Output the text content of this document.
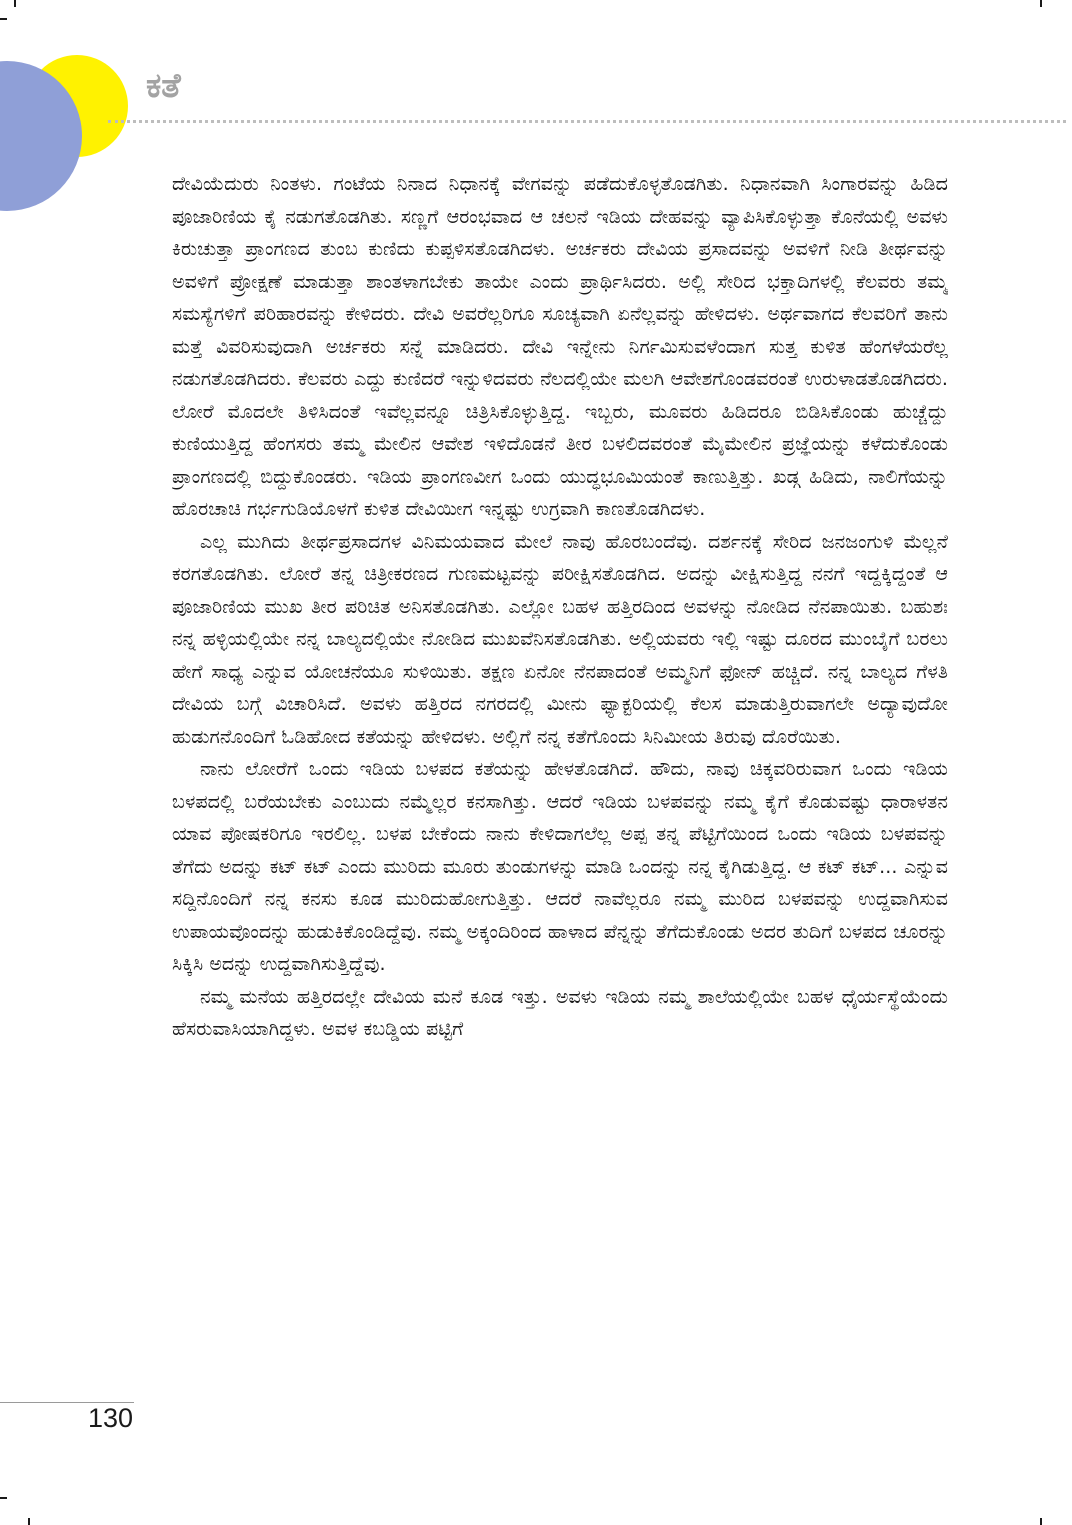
ಕತೆ

ದೇವಿಯೆದುರು ನಿಂತಳು. ಗಂಟೆಯ ನಿನಾದ ನಿಧಾನಕ್ಕೆ ವೇಗವನ್ನು ಪಡೆದುಕೊಳ್ಳತೊಡಗಿತು. ನಿಧಾನವಾಗಿ ಸಿಂಗಾರವನ್ನು ಹಿಡಿದ ಪೂಜಾರಿಣಿಯ ಕೈ ನಡುಗತೊಡಗಿತು. ಸಣ್ಣಗೆ ಆರಂಭವಾದ ಆ ಚಲನೆ ಇಡಿಯ ದೇಹವನ್ನು ವ್ಯಾಪಿಸಿಕೊಳ್ಳುತ್ತಾ ಕೊನೆಯಲ್ಲಿ ಅವಳು ಕಿರುಚುತ್ತಾ ಪ್ರಾಂಗಣದ ತುಂಬ ಕುಣಿದು ಕುಪ್ಪಳಿಸತೊಡಗಿದಳು. ಅರ್ಚಕರು ದೇವಿಯ ಪ್ರಸಾದವನ್ನು ಅವಳಿಗೆ ನೀಡಿ ತೀರ್ಥವನ್ನು ಅವಳಿಗೆ ಪ್ರೋಕ್ಷಣೆ ಮಾಡುತ್ತಾ ಶಾಂತಳಾಗಬೇಕು ತಾಯೇ ಎಂದು ಪ್ರಾರ್ಥಿಸಿದರು. ಅಲ್ಲಿ ಸೇರಿದ ಭಕ್ತಾದಿಗಳಲ್ಲಿ ಕೆಲವರು ತಮ್ಮ ಸಮಸ್ಯೆಗಳಿಗೆ ಪರಿಹಾರವನ್ನು ಕೇಳಿದರು. ದೇವಿ ಅವರೆಲ್ಲರಿಗೂ ಸೂಚ್ಯವಾಗಿ ಏನೆಲ್ಲವನ್ನು ಹೇಳಿದಳು. ಅರ್ಥವಾಗದ ಕೆಲವರಿಗೆ ತಾನು ಮತ್ತೆ ವಿವರಿಸುವುದಾಗಿ ಅರ್ಚಕರು ಸನ್ನೆ ಮಾಡಿದರು. ದೇವಿ ಇನ್ನೇನು ನಿರ್ಗಮಿಸುವಳೆಂದಾಗ ಸುತ್ತ ಕುಳಿತ ಹೆಂಗಳೆಯರೆಲ್ಲ ನಡುಗತೊಡಗಿದರು. ಕೆಲವರು ಎದ್ದು ಕುಣಿದರೆ ಇನ್ನುಳಿದವರು ನೆಲದಲ್ಲಿಯೇ ಮಲಗಿ ಆವೇಶಗೊಂಡವರಂತೆ ಉರುಳಾಡತೊಡಗಿದರು. ಲೋರೆ ಮೊದಲೇ ತಿಳಿಸಿದಂತೆ ಇವೆಲ್ಲವನ್ನೂ ಚಿತ್ರಿಸಿಕೊಳ್ಳುತ್ತಿದ್ದ. ಇಬ್ಬರು, ಮೂವರು ಹಿಡಿದರೂ ಬಿಡಿಸಿಕೊಂಡು ಹುಚ್ಚೆದ್ದು ಕುಣಿಯುತ್ತಿದ್ದ ಹೆಂಗಸರು ತಮ್ಮ ಮೇಲಿನ ಆವೇಶ ಇಳಿದೊಡನೆ ತೀರ ಬಳಲಿದವರಂತೆ ಮೈಮೇಲಿನ ಪ್ರಜ್ಞೆಯನ್ನು ಕಳೆದುಕೊಂಡು ಪ್ರಾಂಗಣದಲ್ಲಿ ಬಿದ್ದುಕೊಂಡರು. ಇಡಿಯ ಪ್ರಾಂಗಣವೀಗ ಒಂದು ಯುದ್ಧಭೂಮಿಯಂತೆ ಕಾಣುತ್ತಿತ್ತು. ಖಡ್ಗ ಹಿಡಿದು, ನಾಲಿಗೆಯನ್ನು ಹೊರಚಾಚಿ ಗರ್ಭಗುಡಿಯೊಳಗೆ ಕುಳಿತ ದೇವಿಯೀಗ ಇನ್ನಷ್ಟು ಉಗ್ರವಾಗಿ ಕಾಣತೊಡಗಿದಳು.

ಎಲ್ಲ ಮುಗಿದು ತೀರ್ಥಪ್ರಸಾದಗಳ ವಿನಿಮಯವಾದ ಮೇಲೆ ನಾವು ಹೊರಬಂದೆವು. ದರ್ಶನಕ್ಕೆ ಸೇರಿದ ಜನಜಂಗುಳಿ ಮೆಲ್ಲನೆ ಕರಗತೊಡಗಿತು. ಲೋರೆ ತನ್ನ ಚಿತ್ರೀಕರಣದ ಗುಣಮಟ್ಟವನ್ನು ಪರೀಕ್ಷಿಸತೊಡಗಿದ. ಅದನ್ನು ವೀಕ್ಷಿಸುತ್ತಿದ್ದ ನನಗೆ ಇದ್ದಕ್ಕಿದ್ದಂತೆ ಆ ಪೂಜಾರಿಣಿಯ ಮುಖ ತೀರ ಪರಿಚಿತ ಅನಿಸತೊಡಗಿತು. ಎಲ್ಲೋ ಬಹಳ ಹತ್ತಿರದಿಂದ ಅವಳನ್ನು ನೋಡಿದ ನೆನಪಾಯಿತು. ಬಹುಶಃ ನನ್ನ ಹಳ್ಳಿಯಲ್ಲಿಯೇ ನನ್ನ ಬಾಲ್ಯದಲ್ಲಿಯೇ ನೋಡಿದ ಮುಖವೆನಿಸತೊಡಗಿತು. ಅಲ್ಲಿಯವರು ಇಲ್ಲಿ ಇಷ್ಟು ದೂರದ ಮುಂಬೈಗೆ ಬರಲು ಹೇಗೆ ಸಾಧ್ಯ ಎನ್ನುವ ಯೋಚನೆಯೂ ಸುಳಿಯಿತು. ತಕ್ಷಣ ಏನೋ ನೆನಪಾದಂತೆ ಅಮ್ಮನಿಗೆ ಫೋನ್ ಹಚ್ಚಿದೆ. ನನ್ನ ಬಾಲ್ಯದ ಗೆಳತಿ ದೇವಿಯ ಬಗ್ಗೆ ವಿಚಾರಿಸಿದೆ. ಅವಳು ಹತ್ತಿರದ ನಗರದಲ್ಲಿ ಮೀನು ಫ್ಯಾಕ್ಟರಿಯಲ್ಲಿ ಕೆಲಸ ಮಾಡುತ್ತಿರುವಾಗಲೇ ಅದ್ಯಾವುದೋ ಹುಡುಗನೊಂದಿಗೆ ಓಡಿಹೋದ ಕತೆಯನ್ನು ಹೇಳಿದಳು. ಅಲ್ಲಿಗೆ ನನ್ನ ಕತೆಗೊಂದು ಸಿನಿಮೀಯ ತಿರುವು ದೊರೆಯಿತು.

ನಾನು ಲೋರೆಗೆ ಒಂದು ಇಡಿಯ ಬಳಪದ ಕತೆಯನ್ನು ಹೇಳತೊಡಗಿದೆ. ಹೌದು, ನಾವು ಚಿಕ್ಕವರಿರುವಾಗ ಒಂದು ಇಡಿಯ ಬಳಪದಲ್ಲಿ ಬರೆಯಬೇಕು ಎಂಬುದು ನಮ್ಮೆಲ್ಲರ ಕನಸಾಗಿತ್ತು. ಆದರೆ ಇಡಿಯ ಬಳಪವನ್ನು ನಮ್ಮ ಕೈಗೆ ಕೊಡುವಷ್ಟು ಧಾರಾಳತನ ಯಾವ ಪೋಷಕರಿಗೂ ಇರಲಿಲ್ಲ. ಬಳಪ ಬೇಕೆಂದು ನಾನು ಕೇಳಿದಾಗಲೆಲ್ಲ ಅಪ್ಪ ತನ್ನ ಪೆಟ್ಟಿಗೆಯಿಂದ ಒಂದು ಇಡಿಯ ಬಳಪವನ್ನು ತೆಗೆದು ಅದನ್ನು ಕಟ್ ಕಟ್ ಎಂದು ಮುರಿದು ಮೂರು ತುಂಡುಗಳನ್ನು ಮಾಡಿ ಒಂದನ್ನು ನನ್ನ ಕೈಗಿಡುತ್ತಿದ್ದ. ಆ ಕಟ್ ಕಟ್... ಎನ್ನುವ ಸದ್ದಿನೊಂದಿಗೆ ನನ್ನ ಕನಸು ಕೂಡ ಮುರಿದುಹೋಗುತ್ತಿತ್ತು. ಆದರೆ ನಾವೆಲ್ಲರೂ ನಮ್ಮ ಮುರಿದ ಬಳಪವನ್ನು ಉದ್ದವಾಗಿಸುವ ಉಪಾಯವೊಂದನ್ನು ಹುಡುಕಿಕೊಂಡಿದ್ದೆವು. ನಮ್ಮ ಅಕ್ಕಂದಿರಿಂದ ಹಾಳಾದ ಪೆನ್ನನ್ನು ತೆಗೆದುಕೊಂಡು ಅದರ ತುದಿಗೆ ಬಳಪದ ಚೂರನ್ನು ಸಿಕ್ಕಿಸಿ ಅದನ್ನು ಉದ್ದವಾಗಿಸುತ್ತಿದ್ದೆವು.

ನಮ್ಮ ಮನೆಯ ಹತ್ತಿರದಲ್ಲೇ ದೇವಿಯ ಮನೆ ಕೂಡ ಇತ್ತು. ಅವಳು ಇಡಿಯ ನಮ್ಮ ಶಾಲೆಯಲ್ಲಿಯೇ ಬಹಳ ಧೈರ್ಯಸ್ಥೆಯೆಂದು ಹೆಸರುವಾಸಿಯಾಗಿದ್ದಳು. ಅವಳ ಕಬಡ್ಡಿಯ ಪಟ್ಟಿಗೆ

130
